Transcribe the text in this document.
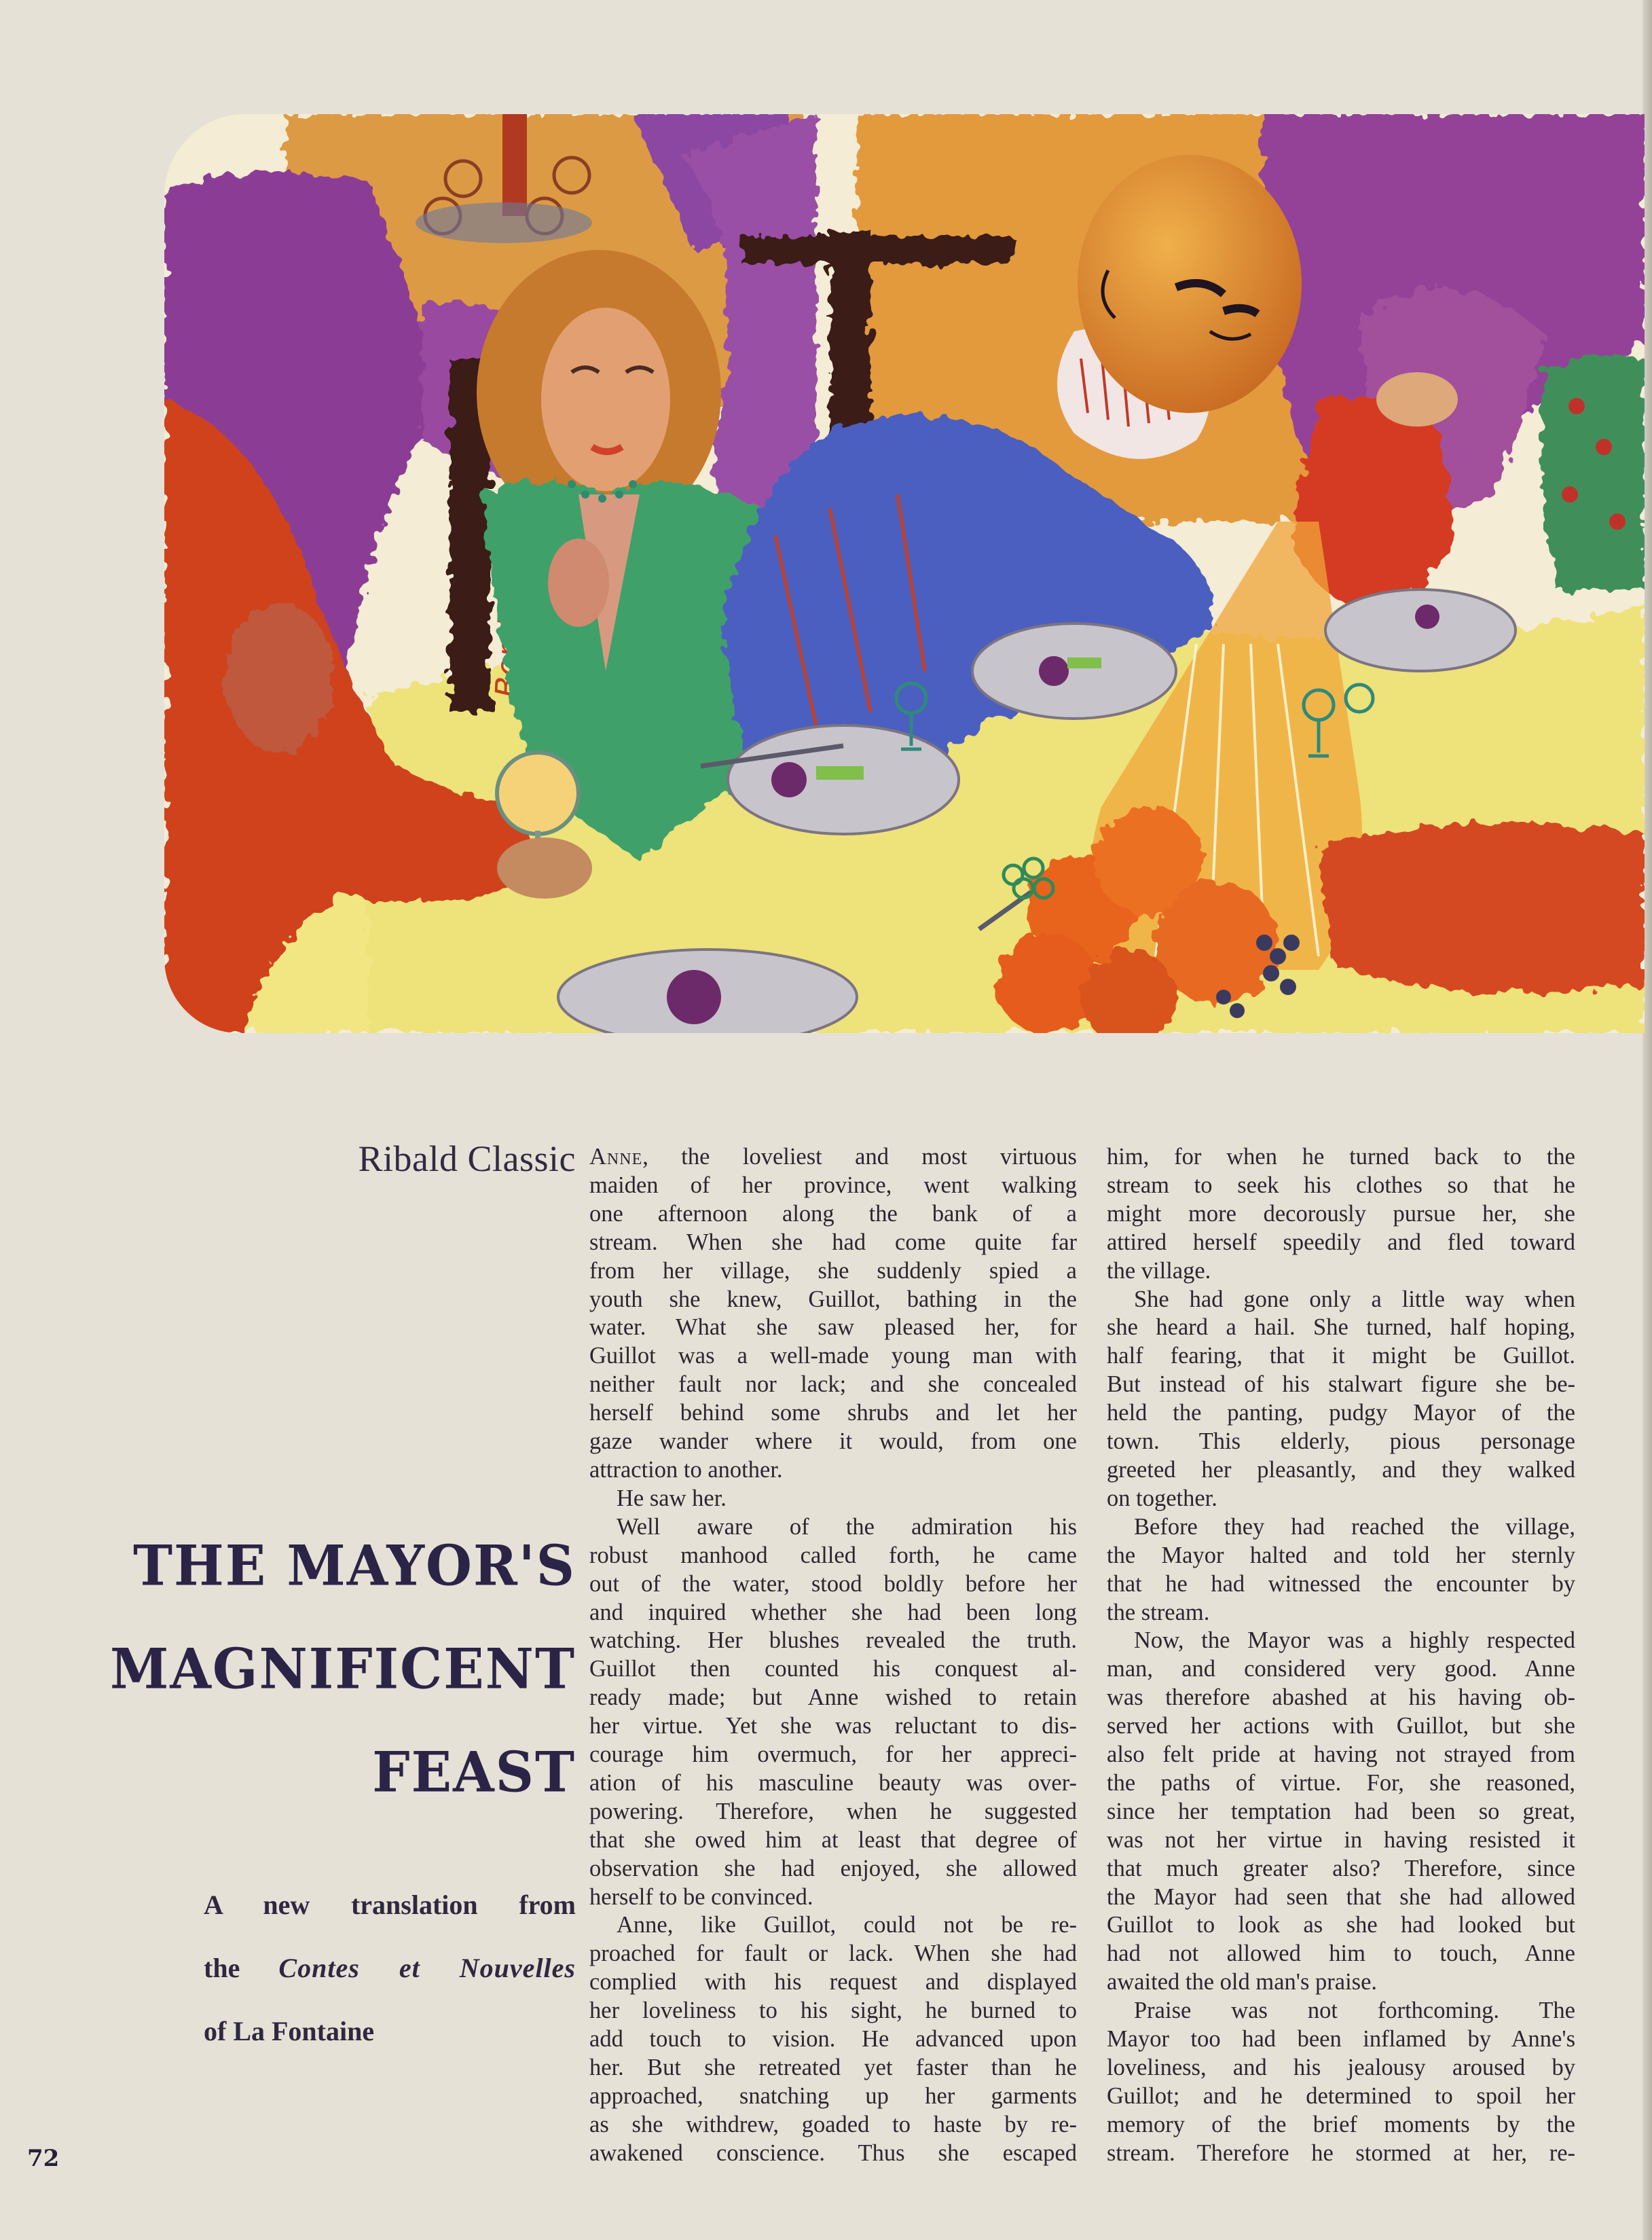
Ribald Classic
THE MAYOR'S
MAGNIFICENT
FEAST
A new translation from
the Contes et Nouvelles
of La Fontaine
72
Anne, the loveliest and most virtuous
maiden of her province, went walking
one afternoon along the bank of a
stream. When she had come quite far
from her village, she suddenly spied a
youth she knew, Guillot, bathing in the
water. What she saw pleased her, for
Guillot was a well-made young man with
neither fault nor lack; and she concealed
herself behind some shrubs and let her
gaze wander where it would, from one
attraction to another.
He saw her.
Well aware of the admiration his
robust manhood called forth, he came
out of the water, stood boldly before her
and inquired whether she had been long
watching. Her blushes revealed the truth.
Guillot then counted his conquest al-
ready made; but Anne wished to retain
her virtue. Yet she was reluctant to dis-
courage him overmuch, for her appreci-
ation of his masculine beauty was over-
powering. Therefore, when he suggested
that she owed him at least that degree of
observation she had enjoyed, she allowed
herself to be convinced.
Anne, like Guillot, could not be re-
proached for fault or lack. When she had
complied with his request and displayed
her loveliness to his sight, he burned to
add touch to vision. He advanced upon
her. But she retreated yet faster than he
approached, snatching up her garments
as she withdrew, goaded to haste by re-
awakened conscience. Thus she escaped
him, for when he turned back to the
stream to seek his clothes so that he
might more decorously pursue her, she
attired herself speedily and fled toward
the village.
She had gone only a little way when
she heard a hail. She turned, half hoping,
half fearing, that it might be Guillot.
But instead of his stalwart figure she be-
held the panting, pudgy Mayor of the
town. This elderly, pious personage
greeted her pleasantly, and they walked
on together.
Before they had reached the village,
the Mayor halted and told her sternly
that he had witnessed the encounter by
the stream.
Now, the Mayor was a highly respected
man, and considered very good. Anne
was therefore abashed at his having ob-
served her actions with Guillot, but she
also felt pride at having not strayed from
the paths of virtue. For, she reasoned,
since her temptation had been so great,
was not her virtue in having resisted it
that much greater also? Therefore, since
the Mayor had seen that she had allowed
Guillot to look as she had looked but
had not allowed him to touch, Anne
awaited the old man's praise.
Praise was not forthcoming. The
Mayor too had been inflamed by Anne's
loveliness, and his jealousy aroused by
Guillot; and he determined to spoil her
memory of the brief moments by the
stream. Therefore he stormed at her, re-
